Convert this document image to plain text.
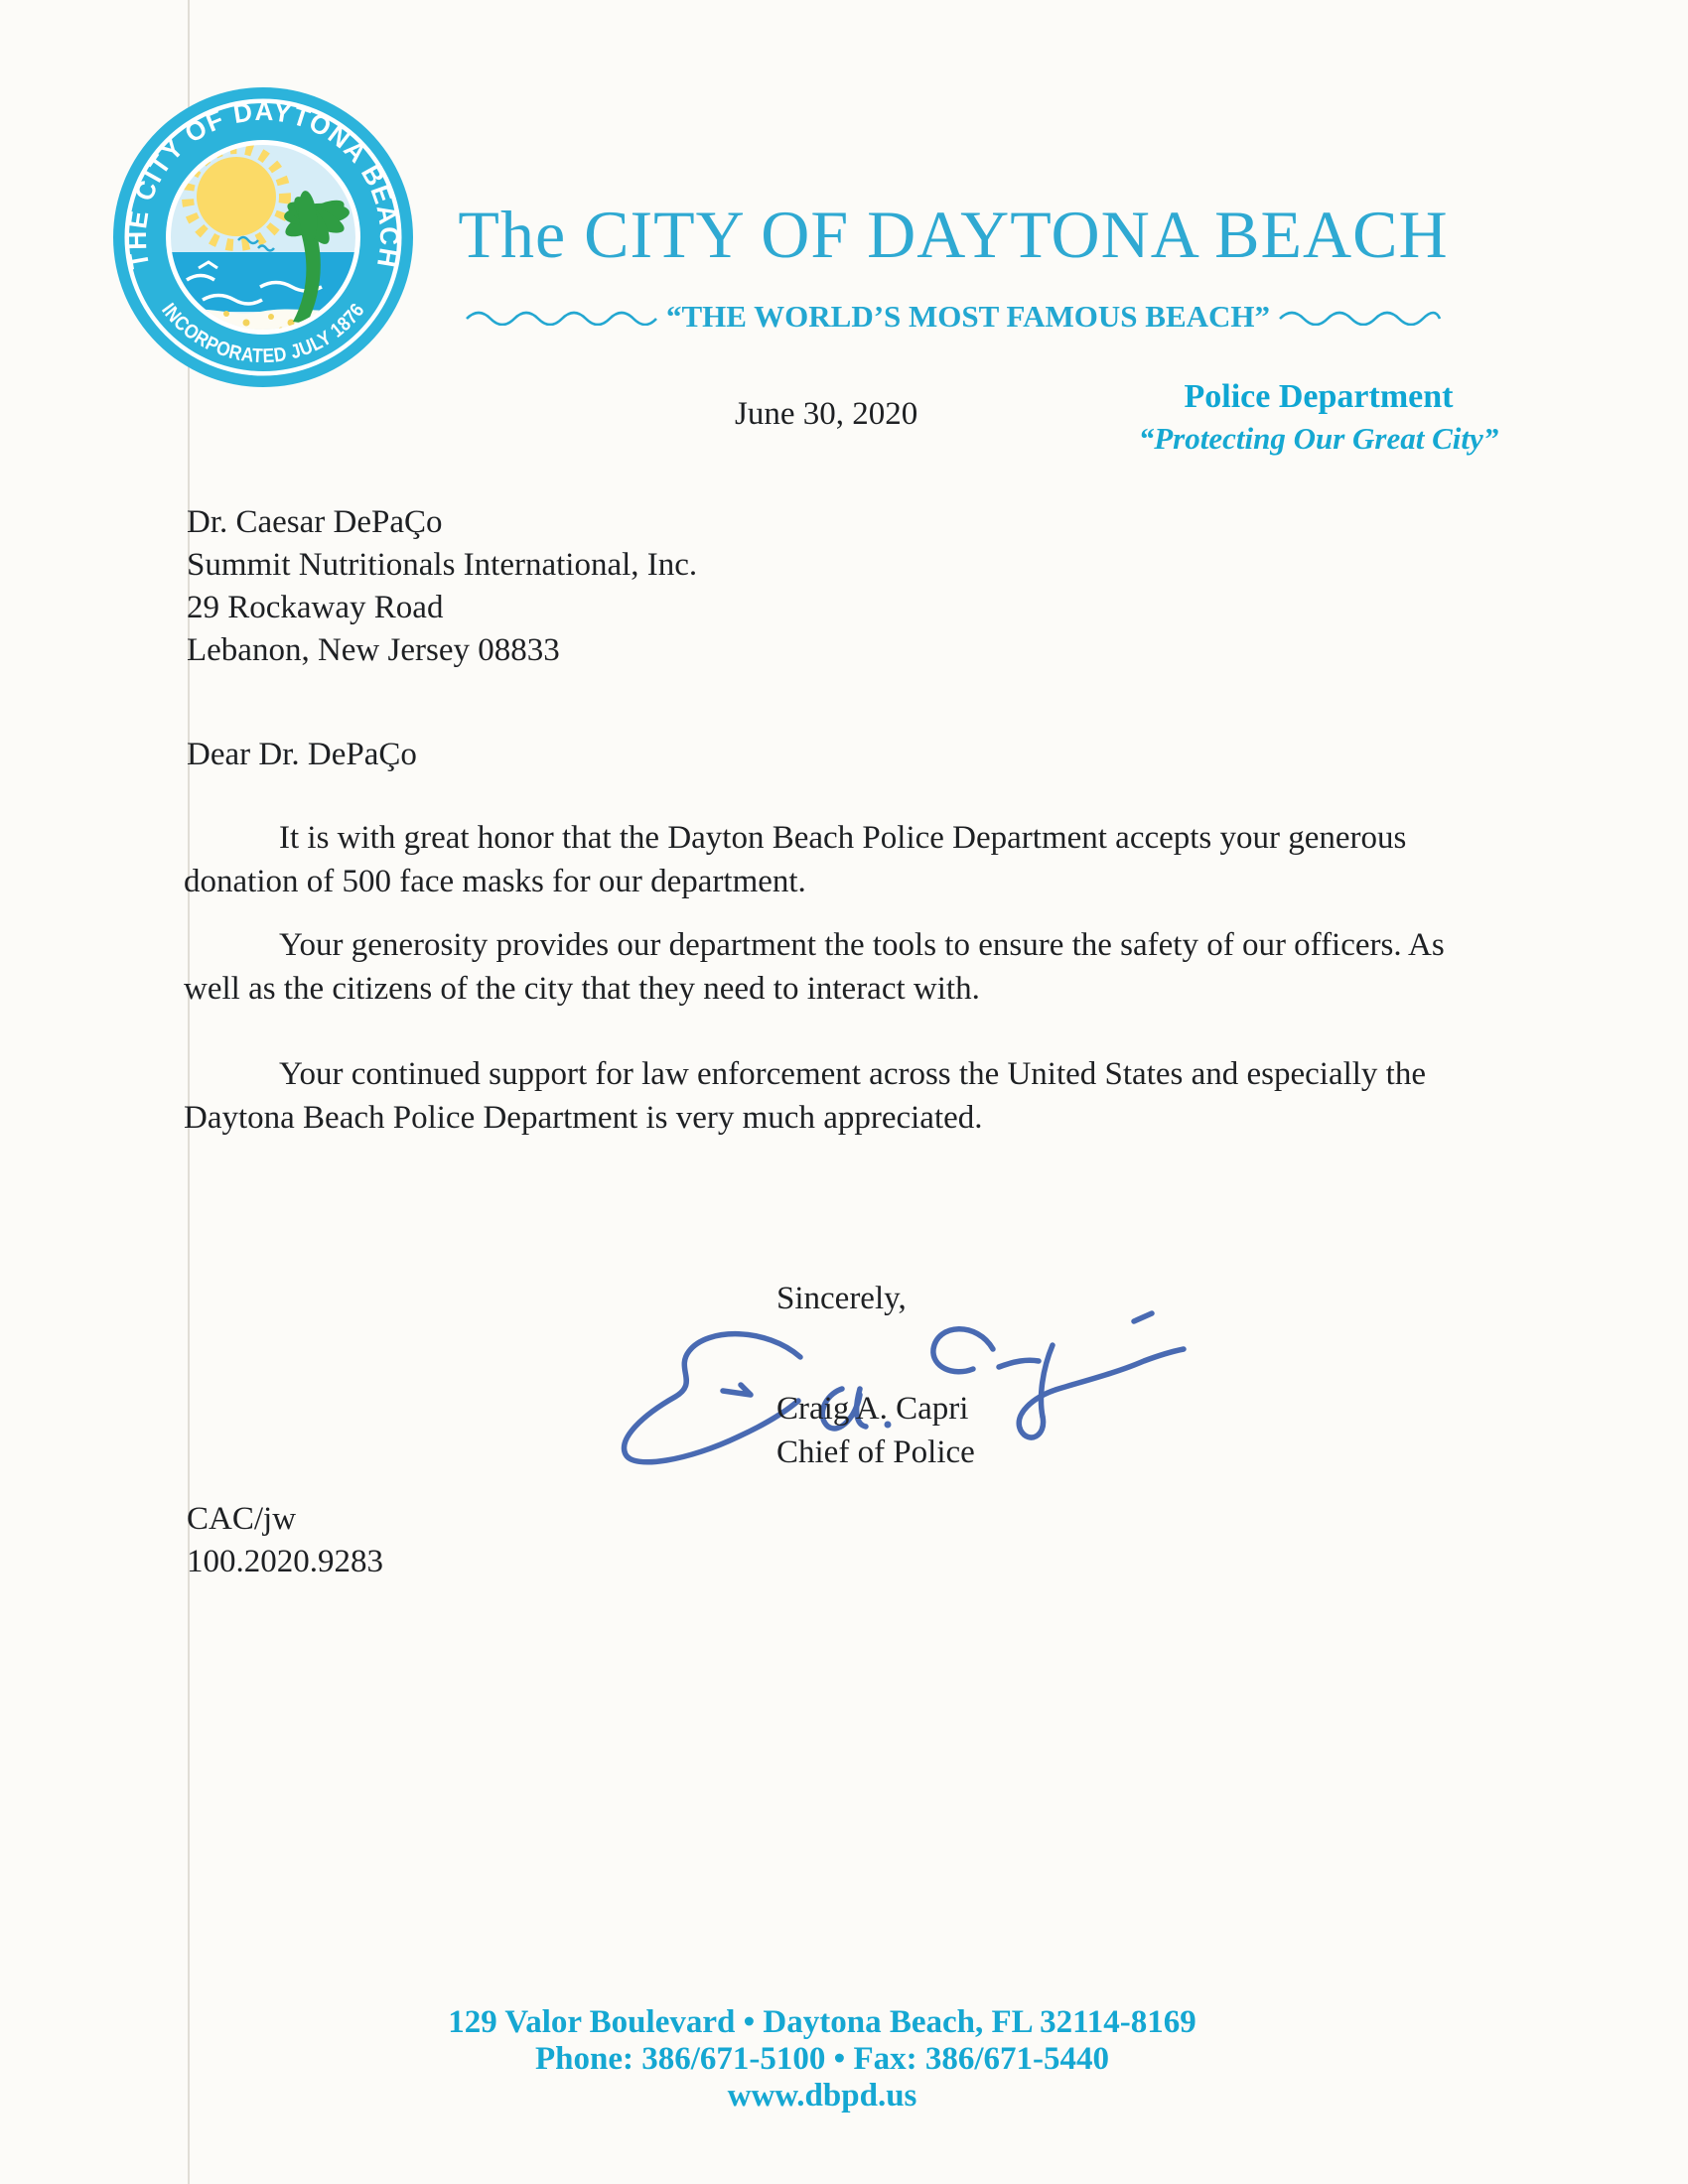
THE CITY OF DAYTONA BEACH
INCORPORATED JULY 1876
The CITY OF DAYTONA BEACH
“THE WORLD’S MOST FAMOUS BEACH”
June 30, 2020	Police Department
“Protecting Our Great City”
Dr. Caesar DePaÇo
Summit Nutritionals International, Inc.
29 Rockaway Road
Lebanon, New Jersey 08833
Dear Dr. DePaÇo
It is with great honor that the Dayton Beach Police Department accepts your generous
donation of 500 face masks for our department.
Your generosity provides our department the tools to ensure the safety of our officers. As
well as the citizens of the city that they need to interact with.
Your continued support for law enforcement across the United States and especially the
Daytona Beach Police Department is very much appreciated.
Sincerely,
Craig A. Capri
Chief of Police
CAC/jw
100.2020.9283
129 Valor Boulevard • Daytona Beach, FL 32114-8169
Phone: 386/671-5100 • Fax: 386/671-5440
www.dbpd.us
